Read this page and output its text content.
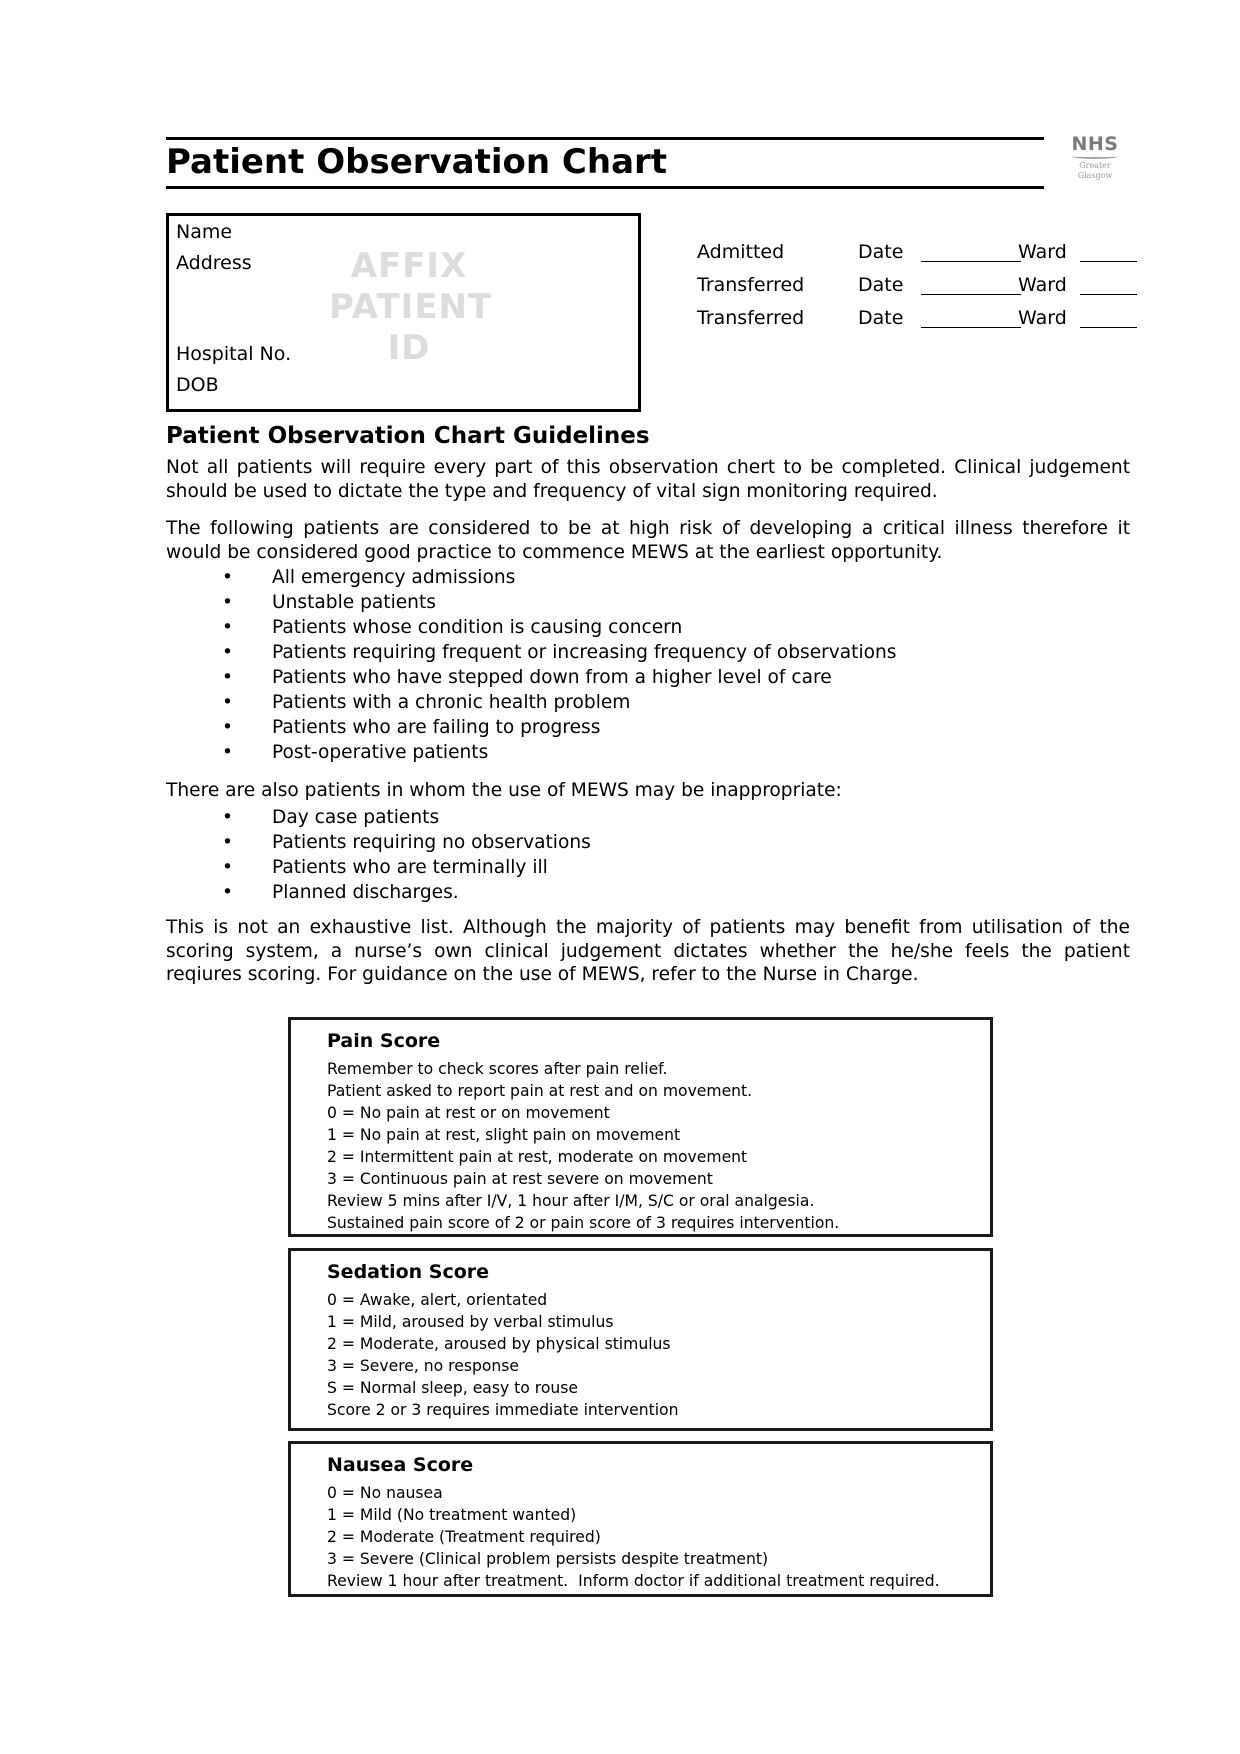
Patient Observation Chart	NHS
Greater
Glasgow
Name
Address
Hospital No.
DOB
AFFIX
PATIENT
ID
Admitted	Date	Ward
Transferred	Date	Ward
Transferred	Date	Ward
Patient Observation Chart Guidelines

Not all patients will require every part of this observation chert to be completed. Clinical judgement should be used to dictate the type and frequency of vital sign monitoring required.

The following patients are considered to be at high risk of developing a critical illness therefore it would be considered good practice to commence MEWS at the earliest opportunity.

• All emergency admissions
• Unstable patients
• Patients whose condition is causing concern
• Patients requiring frequent or increasing frequency of observations
• Patients who have stepped down from a higher level of care
• Patients with a chronic health problem
• Patients who are failing to progress
• Post-operative patients

There are also patients in whom the use of MEWS may be inappropriate:

• Day case patients
• Patients requiring no observations
• Patients who are terminally ill
• Planned discharges.

This is not an exhaustive list. Although the majority of patients may benefit from utilisation of the scoring system, a nurse’s own clinical judgement dictates whether the he/she feels the patient reqiures scoring. For guidance on the use of MEWS, refer to the Nurse in Charge.

Pain Score
Remember to check scores after pain relief.
Patient asked to report pain at rest and on movement.
0 = No pain at rest or on movement
1 = No pain at rest, slight pain on movement
2 = Intermittent pain at rest, moderate on movement
3 = Continuous pain at rest severe on movement
Review 5 mins after I/V, 1 hour after I/M, S/C or oral analgesia.
Sustained pain score of 2 or pain score of 3 requires intervention.
Sedation Score
0 = Awake, alert, orientated
1 = Mild, aroused by verbal stimulus
2 = Moderate, aroused by physical stimulus
3 = Severe, no response
S = Normal sleep, easy to rouse
Score 2 or 3 requires immediate intervention
Nausea Score
0 = No nausea
1 = Mild (No treatment wanted)
2 = Moderate (Treatment required)
3 = Severe (Clinical problem persists despite treatment)
Review 1 hour after treatment.  Inform doctor if additional treatment required.
